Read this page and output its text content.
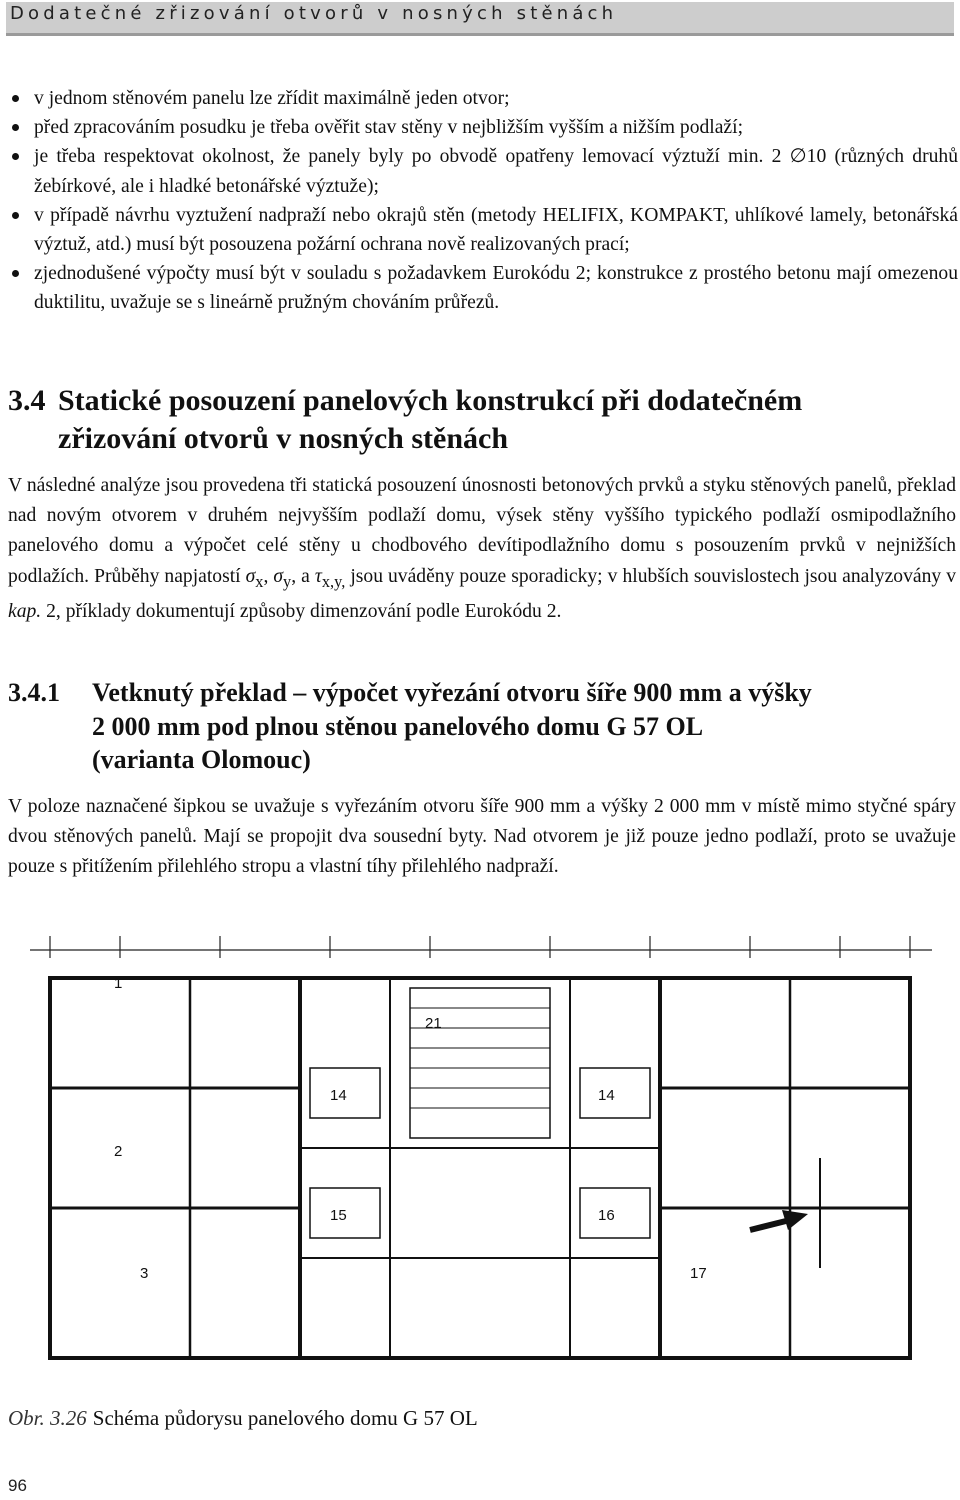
Dodatečné zřizování otvorů v nosných stěnách
v jednom stěnovém panelu lze zřídit maximálně jeden otvor;
před zpracováním posudku je třeba ověřit stav stěny v nejbližším vyšším a nižším podlaží;
je třeba respektovat okolnost, že panely byly po obvodě opatřeny lemovací výztuží min. 2 ∅10 (různých druhů žebírkové, ale i hladké betonářské výztuže);
v případě návrhu vyztužení nadpraží nebo okrajů stěn (metody HELIFIX, KOMPAKT, uhlíkové lamely, betonářská výztuž, atd.) musí být posouzena požární ochrana nově realizovaných prací;
zjednodušené výpočty musí být v souladu s požadavkem Eurokódu 2; konstrukce z prostého betonu mají omezenou duktilitu, uvažuje se s lineárně pružným chováním průřezů.
3.4 Statické posouzení panelových konstrukcí při dodatečném
zřizování otvorů v nosných stěnách

V následné analýze jsou provedena tři statická posouzení únosnosti betonových prvků a styku stěnových panelů, překlad nad novým otvorem v druhém nejvyšším podlaží domu, výsek stěny vyššího typického podlaží osmipodlažního panelového domu a výpočet celé stěny u chodbového devítipodlažního domu s posouzením prvků v nejnižších podlažích. Průběhy napjatostí $\sigma_x$, $\sigma_y$, a $\tau_{x,y,}$ jsou uváděny pouze sporadicky; v hlubších souvislostech jsou analyzovány v kap. 2, příklady dokumentují způsoby dimenzování podle Eurokódu 2.

3.4.1 Vetknutý překlad – výpočet vyřezání otvoru šíře 900 mm a výšky
2 000 mm pod plnou stěnou panelového domu G 57 OL
(varianta Olomouc)

V poloze naznačené šipkou se uvažuje s vyřezáním otvoru šíře 900 mm a výšky 2 000 mm v místě mimo styčné spáry dvou stěnových panelů. Mají se propojit dva sousední byty. Nad otvorem je již pouze jedno podlaží, proto se uvažuje pouze s přitížením přilehlého stropu a vlastní tíhy přilehlého nadpraží.

1
2
3
14
21
14
15	16
17
Obr. 3.26 Schéma půdorysu panelového domu G 57 OL
96
